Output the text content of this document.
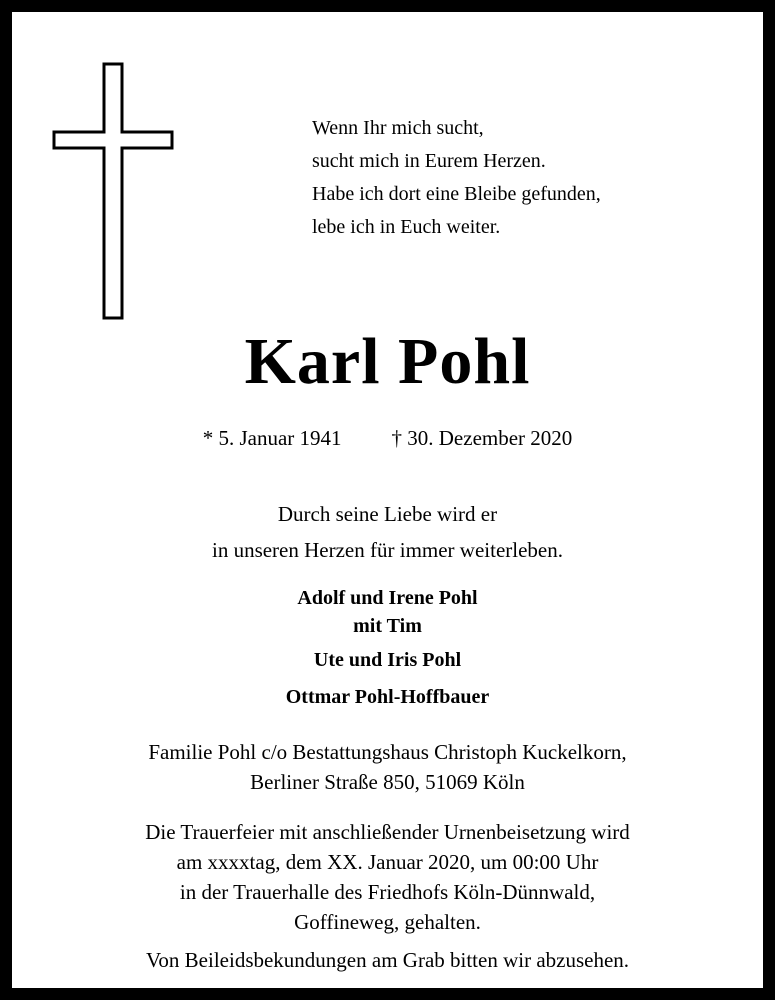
Wenn Ihr mich sucht,
sucht mich in Eurem Herzen.
Habe ich dort eine Bleibe gefunden,
lebe ich in Euch weiter.
Karl Pohl
* 5. Januar 1941 † 30. Dezember 2020
Durch seine Liebe wird er
in unseren Herzen für immer weiterleben.
Adolf und Irene Pohl
mit Tim
Ute und Iris Pohl
Ottmar Pohl-Hoffbauer
Familie Pohl c/o Bestattungshaus Christoph Kuckelkorn,
Berliner Straße 850, 51069 Köln
Die Trauerfeier mit anschließender Urnenbeisetzung wird
am xxxxtag, dem XX. Januar 2020, um 00:00 Uhr
in der Trauerhalle des Friedhofs Köln-Dünnwald,
Goffineweg, gehalten.
Von Beileidsbekundungen am Grab bitten wir abzusehen.
